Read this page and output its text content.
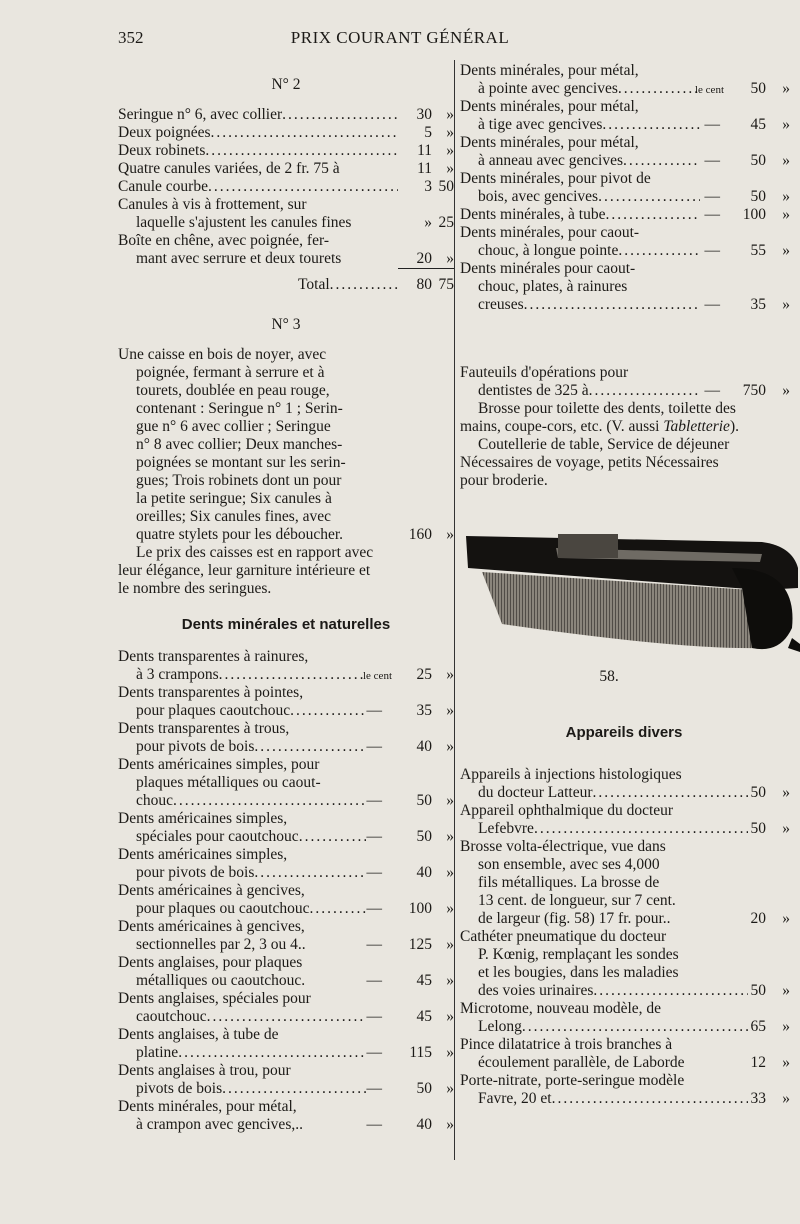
352	PRIX COURANT GÉNÉRAL
N° 2
Seringue n° 6, avec collier .....	30 »
Deux poignées .....	5 »
Deux robinets .....	11 »
Quatre canules variées, de 2 fr. 75 à	11 »
Canule courbe .....	3 50
Canules à vis à frottement, sur
laquelle s'ajustent les canules fines	» 25
Boîte en chêne, avec poignée, fer-
mant avec serrure et deux tourets	20 »
Total .....	80 75
N° 3
Une caisse en bois de noyer, avec
poignée, fermant à serrure et à
tourets, doublée en peau rouge,
contenant : Seringue n° 1 ; Serin-
gue n° 6 avec collier ; Seringue
n° 8 avec collier; Deux manches-
poignées se montant sur les serin-
gues; Trois robinets dont un pour
la petite seringue; Six canules à
oreilles; Six canules fines, avec
quatre stylets pour les déboucher.	160 »
Le prix des caisses est en rapport avec
leur élégance, leur garniture intérieure et
le nombre des seringues.
Dents minérales et naturelles
Dents transparentes à rainures,
à 3 crampons .....	le cent	25 »
Dents transparentes à pointes,
pour plaques caoutchouc .....	—	35 »
Dents transparentes à trous,
pour pivots de bois .....	—	40 »
Dents américaines simples, pour
plaques métalliques ou caout-
chouc .....	—	50 »
Dents américaines simples,
spéciales pour caoutchouc .....	—	50 »
Dents américaines simples,
pour pivots de bois .....	—	40 »
Dents américaines à gencives,
pour plaques ou caoutchouc .....	—	100 »
Dents américaines à gencives,
sectionnelles par 2, 3 ou 4..	—	125 »
Dents anglaises, pour plaques
métalliques ou caoutchouc.	—	45 »
Dents anglaises, spéciales pour
caoutchouc .....	—	45 »
Dents anglaises, à tube de
platine .....	—	115 »
Dents anglaises à trou, pour
pivots de bois .....	—	50 »
Dents minérales, pour métal,
à crampon avec gencives,..	—	40 »
Dents minérales, pour métal,
à pointe avec gencives .....	le cent	50	»
Dents minérales, pour métal,
à tige avec gencives .....	—	45	»
Dents minérales, pour métal,
à anneau avec gencives .....	—	50	»
Dents minérales, pour pivot de
bois, avec gencives .....	—	50	»
Dents minérales, à tube .....	—	100	»
Dents minérales, pour caout-
chouc, à longue pointe .....	—	55	»
Dents minérales pour caout-
chouc, plates, à rainures
creuses .....	—	35	»
Fauteuils d'opérations pour
dentistes de 325 à .....	—	750	»
Brosse pour toilette des dents, toilette des
mains, coupe-cors, etc. (V. aussi Tabletterie).
Coutellerie de table, Service de déjeuner
Nécessaires de voyage, petits Nécessaires
pour broderie.
58.
Appareils divers
Appareils à injections histologiques
du docteur Latteur .....	50	»
Appareil ophthalmique du docteur
Lefebvre .....	50	»
Brosse volta-électrique, vue dans
son ensemble, avec ses 4,000
fils métalliques. La brosse de
13 cent. de longueur, sur 7 cent.
de largeur (fig. 58) 17 fr. pour..	20	»
Cathéter pneumatique du docteur
P. Kœnig, remplaçant les sondes
et les bougies, dans les maladies
des voies urinaires .....	50	»
Microtome, nouveau modèle, de
Lelong .....	65	»
Pince dilatatrice à trois branches à
écoulement parallèle, de Laborde	12	»
Porte-nitrate, porte-seringue modèle
Favre, 20 et .....	33	»
